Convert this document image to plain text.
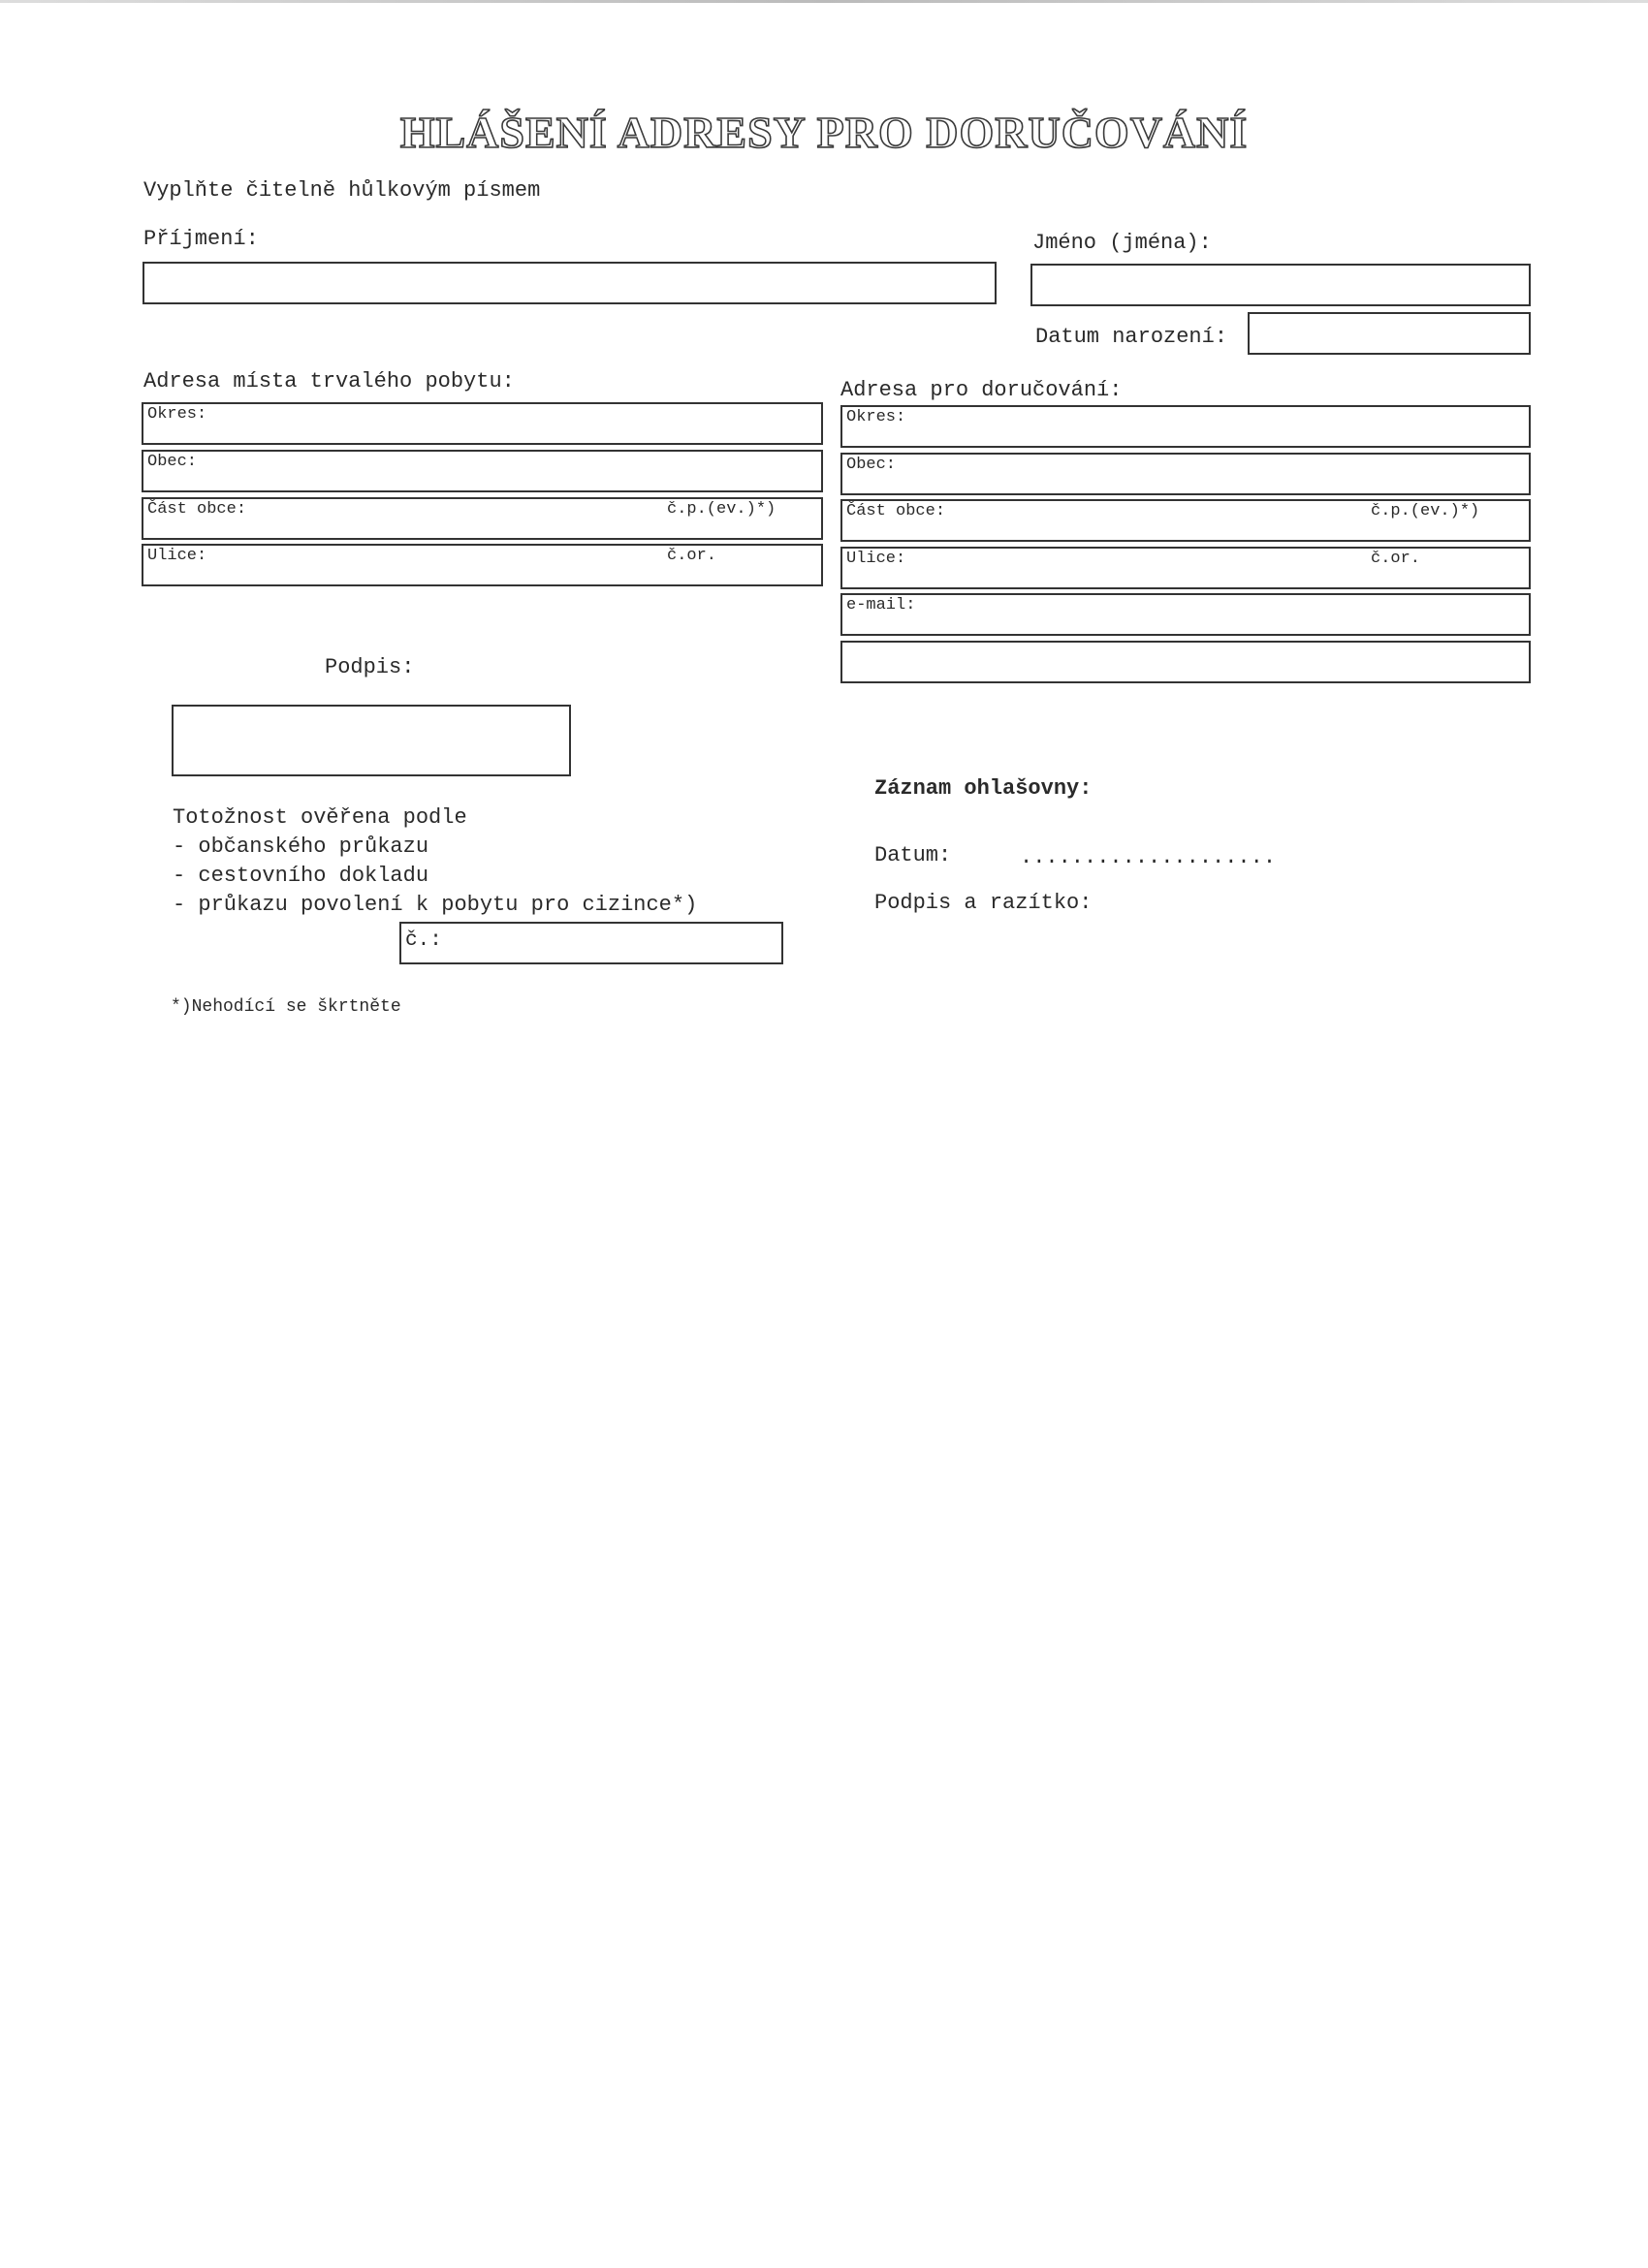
HLÁŠENÍ ADRESY PRO DORUČOVÁNÍ
Vyplňte čitelně hůlkovým písmem
Příjmení:	Jméno (jména):
Datum narození:
Adresa místa trvalého pobytu:
Okres:
Obec:
Část obce:	č.p.(ev.)*)
Ulice:	č.or.
Adresa pro doručování:
Okres:
Obec:
Část obce:	č.p.(ev.)*)
Ulice:	č.or.
e-mail:
Podpis:
Totožnost ověřena podle
- občanského průkazu
- cestovního dokladu
- průkazu povolení k pobytu pro cizince*)
č.:
Záznam ohlašovny:
Datum:	....................
Podpis a razítko:
*)Nehodící se škrtněte
